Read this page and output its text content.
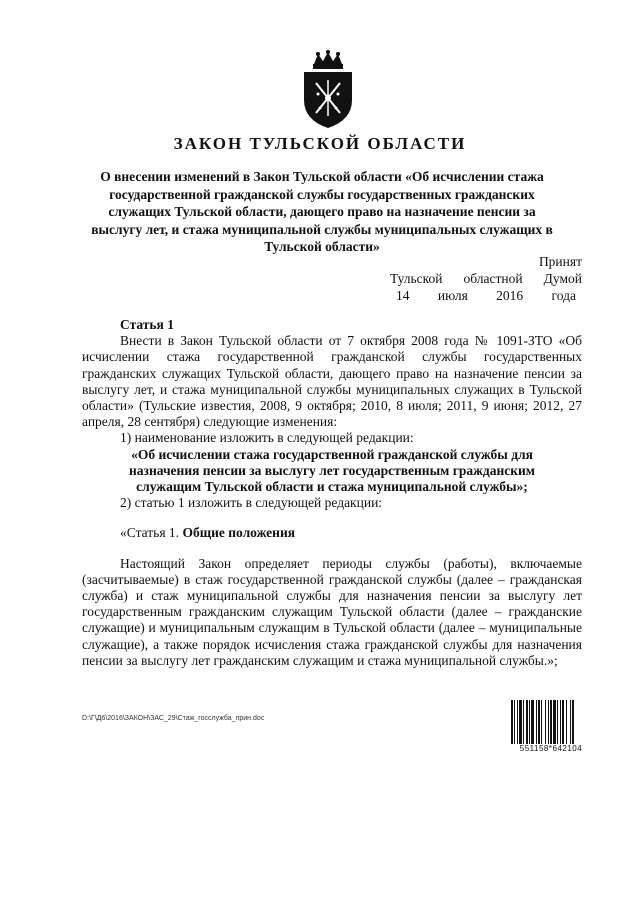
ЗАКОН ТУЛЬСКОЙ ОБЛАСТИ
О внесении изменений в Закон Тульской области «Об исчислении стажа государственной гражданской службы государственных гражданских служащих Тульской области, дающего право на назначение пенсии за выслугу лет, и стажа муниципальной службы муниципальных служащих в Тульской области»
Принят
Тульской областной Думой
14 июля 2016 года

Статья 1

Внести в Закон Тульской области от 7 октября 2008 года № 1091-ЗТО «Об исчислении стажа государственной гражданской службы государственных гражданских служащих Тульской области, дающего право на назначение пенсии за выслугу лет, и стажа муниципальной службы муниципальных служащих в Тульской области» (Тульские известия, 2008, 9 октября; 2010, 8 июля; 2011, 9 июня; 2012, 27 апреля, 28 сентября) следующие изменения:

1) наименование изложить в следующей редакции:

«Об исчислении стажа государственной гражданской службы для назначения пенсии за выслугу лет государственным гражданским служащим Тульской области и стажа муниципальной службы»;

2) статью 1 изложить в следующей редакции:

«Статья 1. Общие положения

Настоящий Закон определяет периоды службы (работы), включаемые (засчитываемые) в стаж государственной гражданской службы (далее – гражданская служба) и стаж муниципальной службы для назначения пенсии за выслугу лет государственным гражданским служащим Тульской области (далее – гражданские служащие) и муниципальным служащим в Тульской области (далее – муниципальные служащие), а также порядок исчисления стажа гражданской службы для назначения пенсии за выслугу лет гражданским служащим и стажа муниципальной службы.»;

D:\Г\Д6\2016\ЗАКОН\ЗАС_29\Стаж_госслужба_прин.doc
551158*642104
